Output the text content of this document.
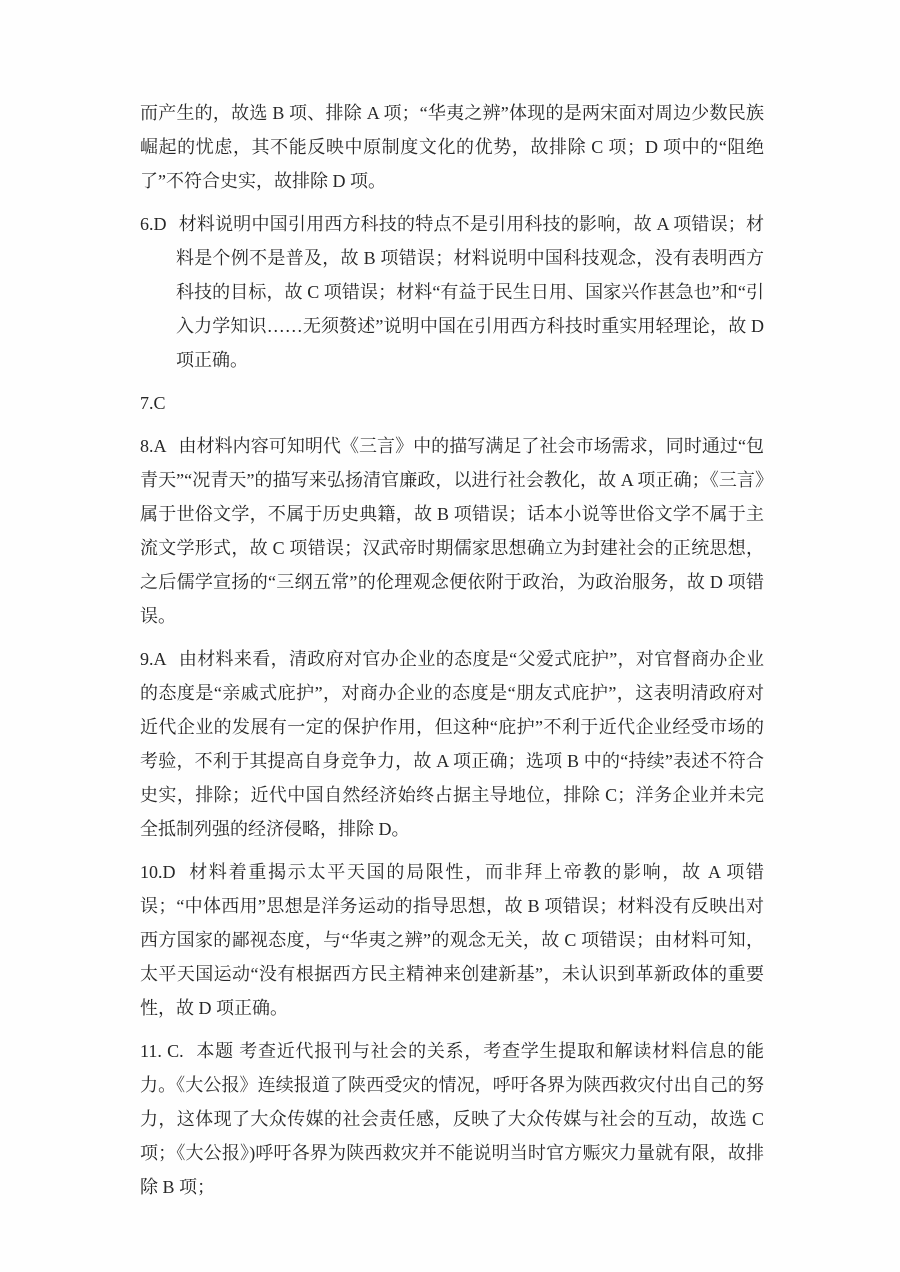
而产生的，故选 B 项、排除 A 项；“华夷之辨”体现的是两宋面对周边少数民族崛起的忧虑，其不能反映中原制度文化的优势，故排除 C 项；D 项中的“阻绝了”不符合史实，故排除 D 项。

6.D 材料说明中国引用西方科技的特点不是引用科技的影响，故 A 项错误；材料是个例不是普及，故 B 项错误；材料说明中国科技观念，没有表明西方科技的目标，故 C 项错误；材料“有益于民生日用、国家兴作甚急也”和“引入力学知识……无须赘述”说明中国在引用西方科技时重实用轻理论，故 D 项正确。

7.C

8.A 由材料内容可知明代《三言》中的描写满足了社会市场需求，同时通过“包青天”“况青天”的描写来弘扬清官廉政，以进行社会教化，故 A 项正确；《三言》属于世俗文学，不属于历史典籍，故 B 项错误；话本小说等世俗文学不属于主流文学形式，故 C 项错误；汉武帝时期儒家思想确立为封建社会的正统思想，之后儒学宣扬的“三纲五常”的伦理观念便依附于政治，为政治服务，故 D 项错误。

9.A 由材料来看，清政府对官办企业的态度是“父爱式庇护”，对官督商办企业的态度是“亲戚式庇护”，对商办企业的态度是“朋友式庇护”，这表明清政府对近代企业的发展有一定的保护作用，但这种“庇护”不利于近代企业经受市场的考验，不利于其提高自身竞争力，故 A 项正确；选项 B 中的“持续”表述不符合史实，排除；近代中国自然经济始终占据主导地位，排除 C；洋务企业并未完全抵制列强的经济侵略，排除 D。

10.D 材料着重揭示太平天国的局限性，而非拜上帝教的影响，故 A 项错误；“中体西用”思想是洋务运动的指导思想，故 B 项错误；材料没有反映出对西方国家的鄙视态度，与“华夷之辨”的观念无关，故 C 项错误；由材料可知，太平天国运动“没有根据西方民主精神来创建新基”，未认识到革新政体的重要性，故 D 项正确。

11. C. 本题 考查近代报刊与社会的关系，考查学生提取和解读材料信息的能力。《大公报》连续报道了陕西受灾的情况，呼吁各界为陕西救灾付出自己的努力，这体现了大众传媒的社会责任感，反映了大众传媒与社会的互动，故选 C 项；《大公报》)呼吁各界为陕西救灾并不能说明当时官方赈灾力量就有限，故排除 B 项；
